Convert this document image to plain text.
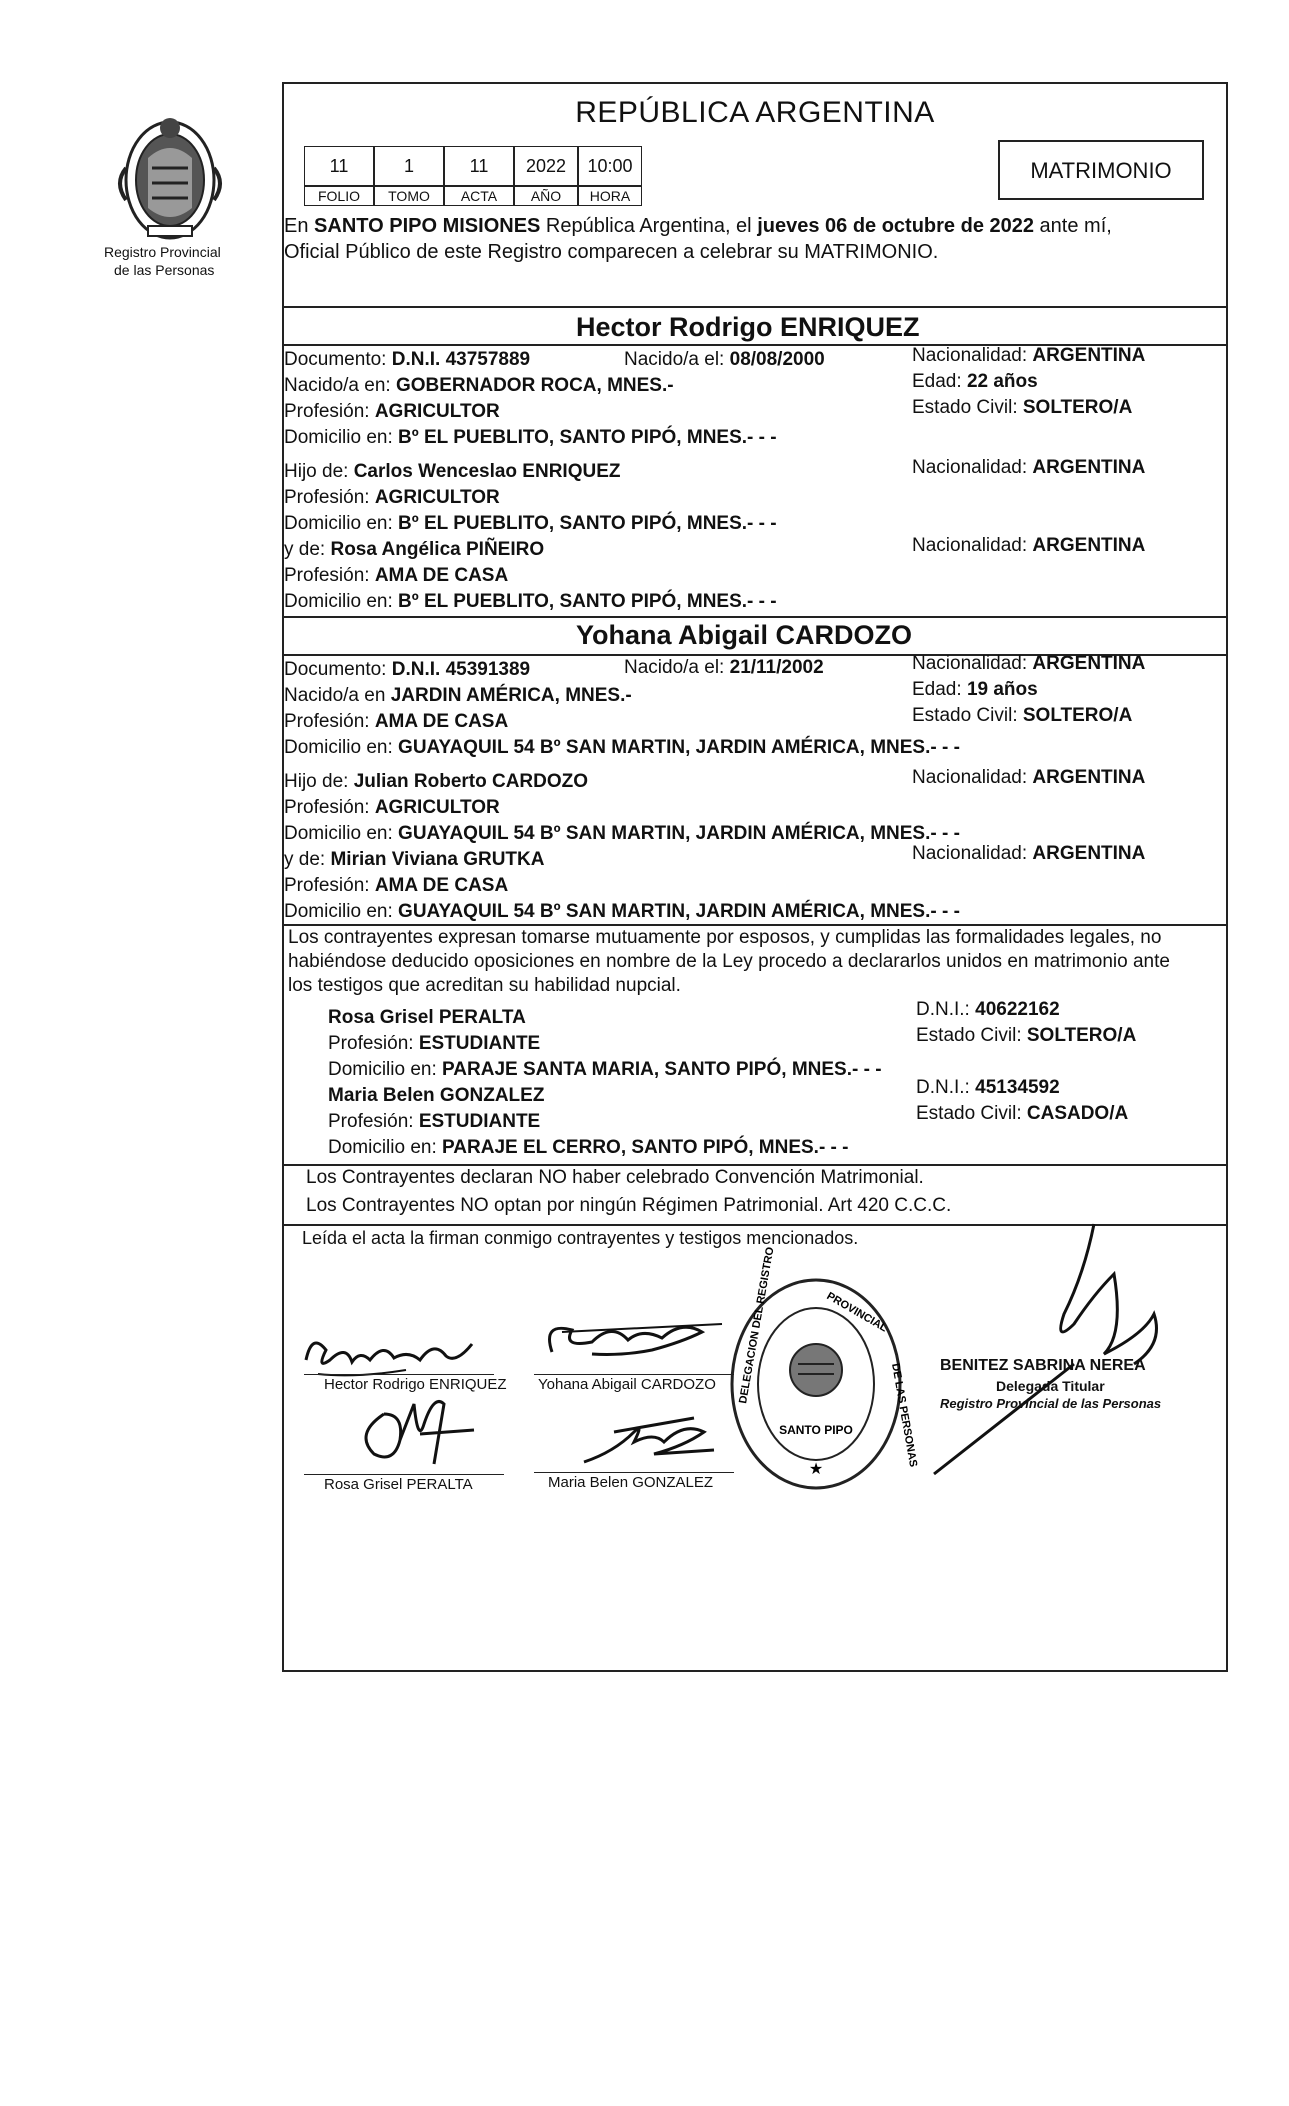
Registro Provincial
de las Personas
REPÚBLICA ARGENTINA
11	1	11	2022	10:00
FOLIO	TOMO	ACTA	AÑO	HORA
MATRIMONIO
En SANTO PIPO MISIONES República Argentina, el jueves 06 de octubre de 2022 ante mí,
Oficial Público de este Registro comparecen a celebrar su MATRIMONIO.
Hector Rodrigo ENRIQUEZ
Documento: D.N.I. 43757889	Nacido/a el: 08/08/2000	Nacionalidad: ARGENTINA
Nacido/a en: GOBERNADOR ROCA, MNES.-	Edad: 22 años
Profesión: AGRICULTOR	Estado Civil: SOLTERO/A
Domicilio en: Bº EL PUEBLITO, SANTO PIPÓ, MNES.- - -
Hijo de: Carlos Wenceslao ENRIQUEZ	Nacionalidad: ARGENTINA
Profesión: AGRICULTOR
Domicilio en: Bº EL PUEBLITO, SANTO PIPÓ, MNES.- - -
y de: Rosa Angélica PIÑEIRO	Nacionalidad: ARGENTINA
Profesión: AMA DE CASA
Domicilio en: Bº EL PUEBLITO, SANTO PIPÓ, MNES.- - -
Yohana Abigail CARDOZO
Documento: D.N.I. 45391389	Nacido/a el: 21/11/2002	Nacionalidad: ARGENTINA
Nacido/a en JARDIN AMÉRICA, MNES.-	Edad: 19 años
Profesión: AMA DE CASA	Estado Civil: SOLTERO/A
Domicilio en: GUAYAQUIL 54 Bº SAN MARTIN, JARDIN AMÉRICA, MNES.- - -
Hijo de: Julian Roberto CARDOZO	Nacionalidad: ARGENTINA
Profesión: AGRICULTOR
Domicilio en: GUAYAQUIL 54 Bº SAN MARTIN, JARDIN AMÉRICA, MNES.- - -
y de: Mirian Viviana GRUTKA	Nacionalidad: ARGENTINA
Profesión: AMA DE CASA
Domicilio en: GUAYAQUIL 54 Bº SAN MARTIN, JARDIN AMÉRICA, MNES.- - -
Los contrayentes expresan tomarse mutuamente por esposos, y cumplidas las formalidades legales, no
habiéndose deducido oposiciones en nombre de la Ley procedo a declararlos unidos en matrimonio ante
los testigos que acreditan su habilidad nupcial.
Rosa Grisel PERALTA	D.N.I.: 40622162
Profesión: ESTUDIANTE	Estado Civil: SOLTERO/A
Domicilio en: PARAJE SANTA MARIA, SANTO PIPÓ, MNES.- - -
Maria Belen GONZALEZ	D.N.I.: 45134592
Profesión: ESTUDIANTE	Estado Civil: CASADO/A
Domicilio en: PARAJE EL CERRO, SANTO PIPÓ, MNES.- - -
Los Contrayentes declaran NO haber celebrado Convención Matrimonial.
Los Contrayentes NO optan por ningún Régimen Patrimonial. Art 420 C.C.C.
Leída el acta la firman conmigo contrayentes y testigos mencionados.
Hector Rodrigo ENRIQUEZ Yohana Abigail CARDOZO
Rosa Grisel PERALTA	Maria Belen GONZALEZ
SANTO PIPO
★
DELEGACION DEL REGISTRO	PROVINCIAL
DE LAS PERSONAS BENITEZ SABRINA NEREA
Delegada Titular
Registro Provincial de las Personas
